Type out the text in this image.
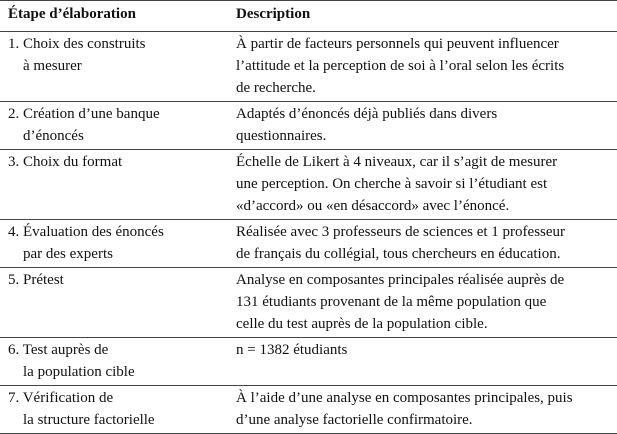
Étape d’élaboration	Description

1. Choix des construits
à mesurer	À partir de facteurs personnels qui peuvent influencer
l’attitude et la perception de soi à l’oral selon les écrits
de recherche.

2. Création d’une banque
d’énoncés	Adaptés d’énoncés déjà publiés dans divers
questionnaires.

3. Choix du format	Échelle de Likert à 4 niveaux, car il s’agit de mesurer
une perception. On cherche à savoir si l’étudiant est
«d’accord» ou «en désaccord» avec l’énoncé.

4. Évaluation des énoncés
par des experts	Réalisée avec 3 professeurs de sciences et 1 professeur
de français du collégial, tous chercheurs en éducation.

5. Prétest	Analyse en composantes principales réalisée auprès de
131 étudiants provenant de la même population que
celle du test auprès de la population cible.

6. Test auprès de
la population cible	n = 1382 étudiants

7. Vérification de
la structure factorielle	À l’aide d’une analyse en composantes principales, puis
d’une analyse factorielle confirmatoire.
